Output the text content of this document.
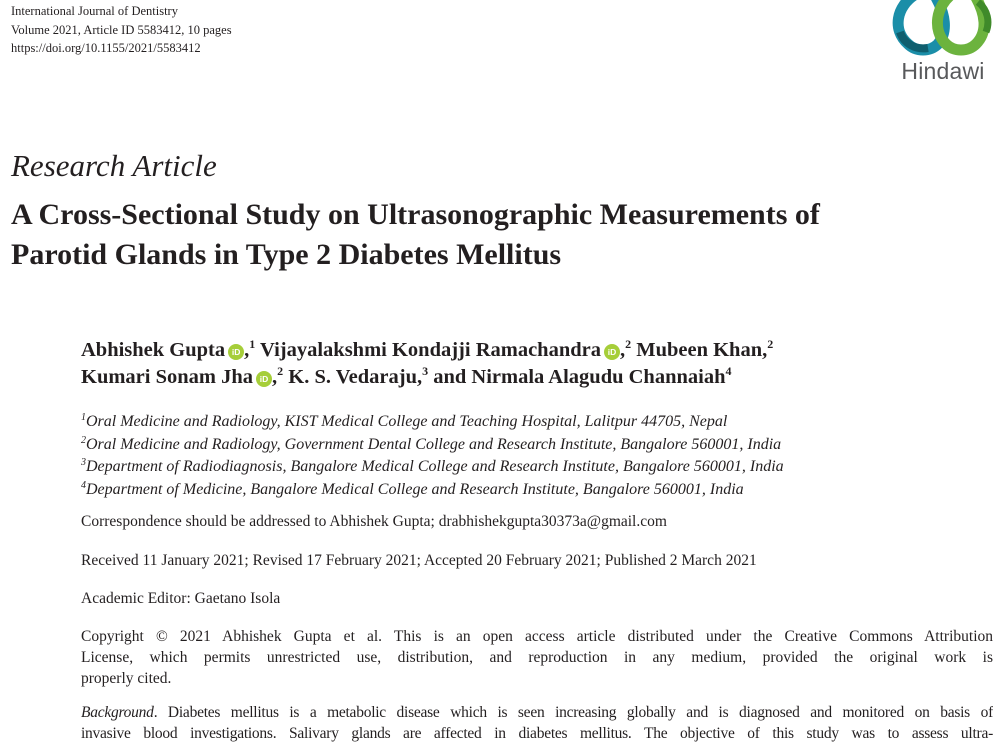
International Journal of Dentistry
Volume 2021, Article ID 5583412, 10 pages
https://doi.org/10.1155/2021/5583412
Hindawi
Research Article
A Cross-Sectional Study on Ultrasonographic Measurements of
Parotid Glands in Type 2 Diabetes Mellitus
Abhishek Gupta iD ,$^1$ Vijayalakshmi Kondajji Ramachandra iD ,$^2$ Mubeen Khan,$^2$
Kumari Sonam Jha iD ,$^2$ K. S. Vedaraju,$^3$ and Nirmala Alagudu Channaiah$^4$
$^1$Oral Medicine and Radiology, KIST Medical College and Teaching Hospital, Lalitpur 44705, Nepal
$^2$Oral Medicine and Radiology, Government Dental College and Research Institute, Bangalore 560001, India
$^3$Department of Radiodiagnosis, Bangalore Medical College and Research Institute, Bangalore 560001, India
$^4$Department of Medicine, Bangalore Medical College and Research Institute, Bangalore 560001, India
Correspondence should be addressed to Abhishek Gupta; drabhishekgupta30373a@gmail.com
Received 11 January 2021; Revised 17 February 2021; Accepted 20 February 2021; Published 2 March 2021
Academic Editor: Gaetano Isola
Copyright © 2021 Abhishek Gupta et al. This is an open access article distributed under the Creative Commons Attribution
License, which permits unrestricted use, distribution, and reproduction in any medium, provided the original work is
properly cited.
Background. Diabetes mellitus is a metabolic disease which is seen increasing globally and is diagnosed and monitored on basis of
invasive blood investigations. Salivary glands are affected in diabetes mellitus. The objective of this study was to assess ultra-
